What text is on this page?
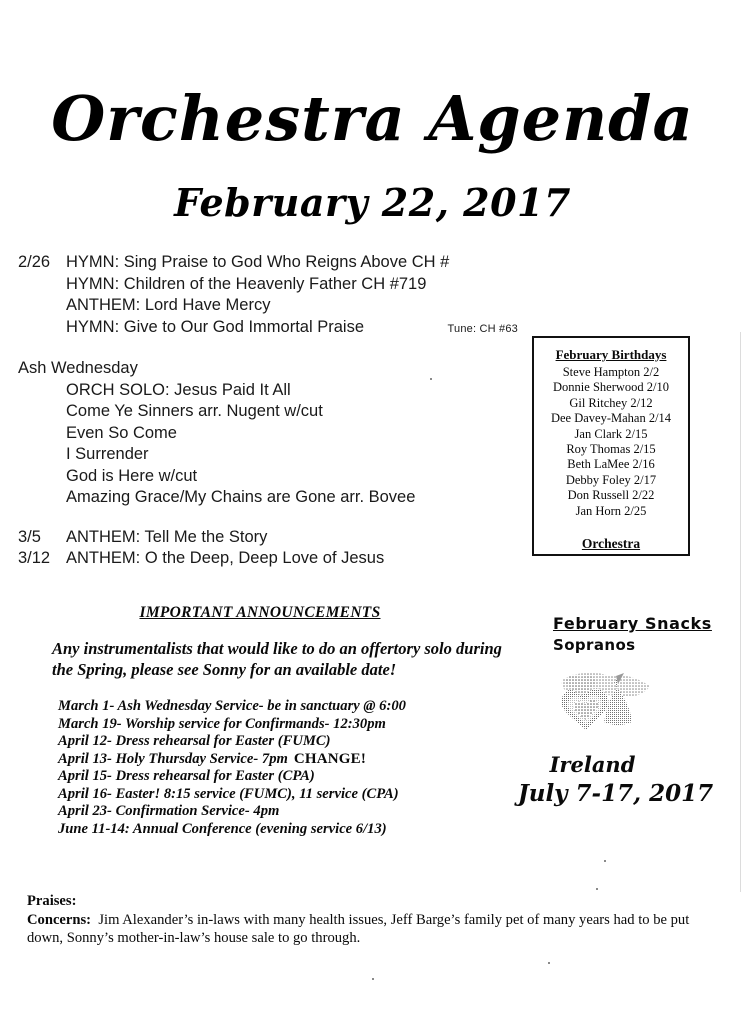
Orchestra Agenda
February 22, 2017
2/26 HYMN: Sing Praise to God Who Reigns Above CH #

HYMN: Children of the Heavenly Father CH #719

ANTHEM: Lord Have Mercy

HYMN: Give to Our God Immortal Praise	Tune: CH #63
Ash Wednesday
ORCH SOLO: Jesus Paid It All
Come Ye Sinners arr. Nugent w/cut
Even So Come
I Surrender
God is Here w/cut
Amazing Grace/My Chains are Gone arr. Bovee
3/5	ANTHEM: Tell Me the Story
3/12 ANTHEM: O the Deep, Deep Love of Jesus
February Birthdays
Steve Hampton 2/2
Donnie Sherwood 2/10
Gil Ritchey 2/12
Dee Davey-Mahan 2/14
Jan Clark 2/15
Roy Thomas 2/15
Beth LaMee 2/16
Debby Foley 2/17
Don Russell 2/22
Jan Horn 2/25
Orchestra
IMPORTANT ANNOUNCEMENTS
Any instrumentalists that would like to do an offertory solo during the Spring, please see Sonny for an available date!
March 1- Ash Wednesday Service- be in sanctuary @ 6:00
March 19- Worship service for Confirmands- 12:30pm
April 12- Dress rehearsal for Easter (FUMC)
April 13- Holy Thursday Service- 7pm CHANGE!
April 15- Dress rehearsal for Easter (CPA)
April 16- Easter! 8:15 service (FUMC), 11 service (CPA)
April 23- Confirmation Service- 4pm
June 11-14: Annual Conference (evening service 6/13)
February Snacks
Sopranos
Ireland
July 7-17, 2017
Praises:
Concerns: Jim Alexander’s in-laws with many health issues, Jeff Barge’s family pet of many years had to be put down, Sonny’s mother-in-law’s house sale to go through.
